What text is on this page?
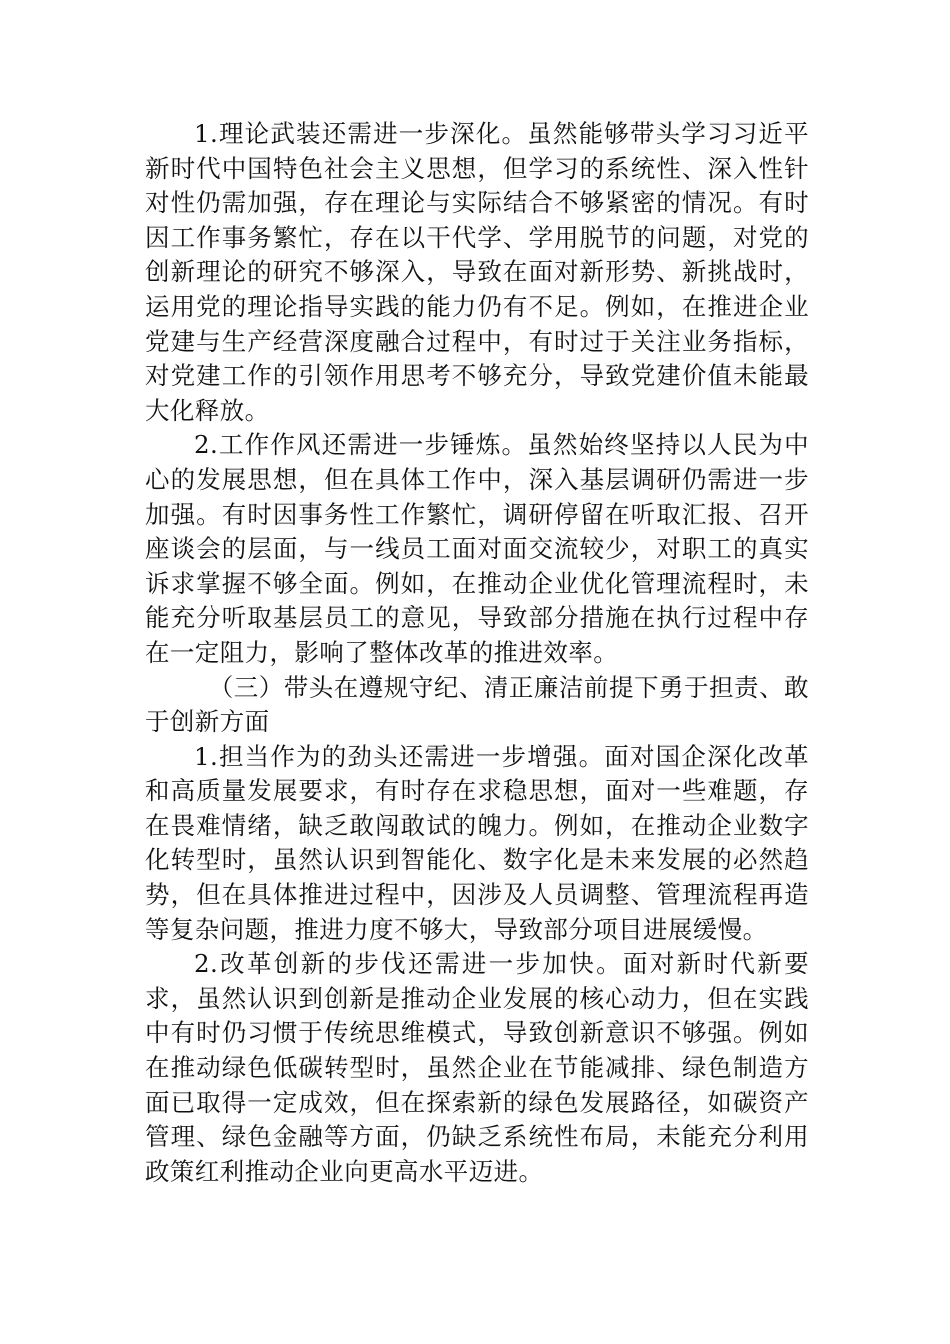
1.理论武装还需进一步深化。虽然能够带头学习习近平新时代中国特色社会主义思想，但学习的系统性、深入性针对性仍需加强，存在理论与实际结合不够紧密的情况。有时因工作事务繁忙，存在以干代学、学用脱节的问题，对党的创新理论的研究不够深入，导致在面对新形势、新挑战时，运用党的理论指导实践的能力仍有不足。例如，在推进企业党建与生产经营深度融合过程中，有时过于关注业务指标，对党建工作的引领作用思考不够充分，导致党建价值未能最大化释放。

2.工作作风还需进一步锤炼。虽然始终坚持以人民为中心的发展思想，但在具体工作中，深入基层调研仍需进一步加强。有时因事务性工作繁忙，调研停留在听取汇报、召开座谈会的层面，与一线员工面对面交流较少，对职工的真实诉求掌握不够全面。例如，在推动企业优化管理流程时，未能充分听取基层员工的意见，导致部分措施在执行过程中存在一定阻力，影响了整体改革的推进效率。

（三）带头在遵规守纪、清正廉洁前提下勇于担责、敢于创新方面

1.担当作为的劲头还需进一步增强。面对国企深化改革和高质量发展要求，有时存在求稳思想，面对一些难题，存在畏难情绪，缺乏敢闯敢试的魄力。例如，在推动企业数字化转型时，虽然认识到智能化、数字化是未来发展的必然趋势，但在具体推进过程中，因涉及人员调整、管理流程再造等复杂问题，推进力度不够大，导致部分项目进展缓慢。

2.改革创新的步伐还需进一步加快。面对新时代新要求，虽然认识到创新是推动企业发展的核心动力，但在实践中有时仍习惯于传统思维模式，导致创新意识不够强。例如在推动绿色低碳转型时，虽然企业在节能减排、绿色制造方面已取得一定成效，但在探索新的绿色发展路径，如碳资产管理、绿色金融等方面，仍缺乏系统性布局，未能充分利用政策红利推动企业向更高水平迈进。
